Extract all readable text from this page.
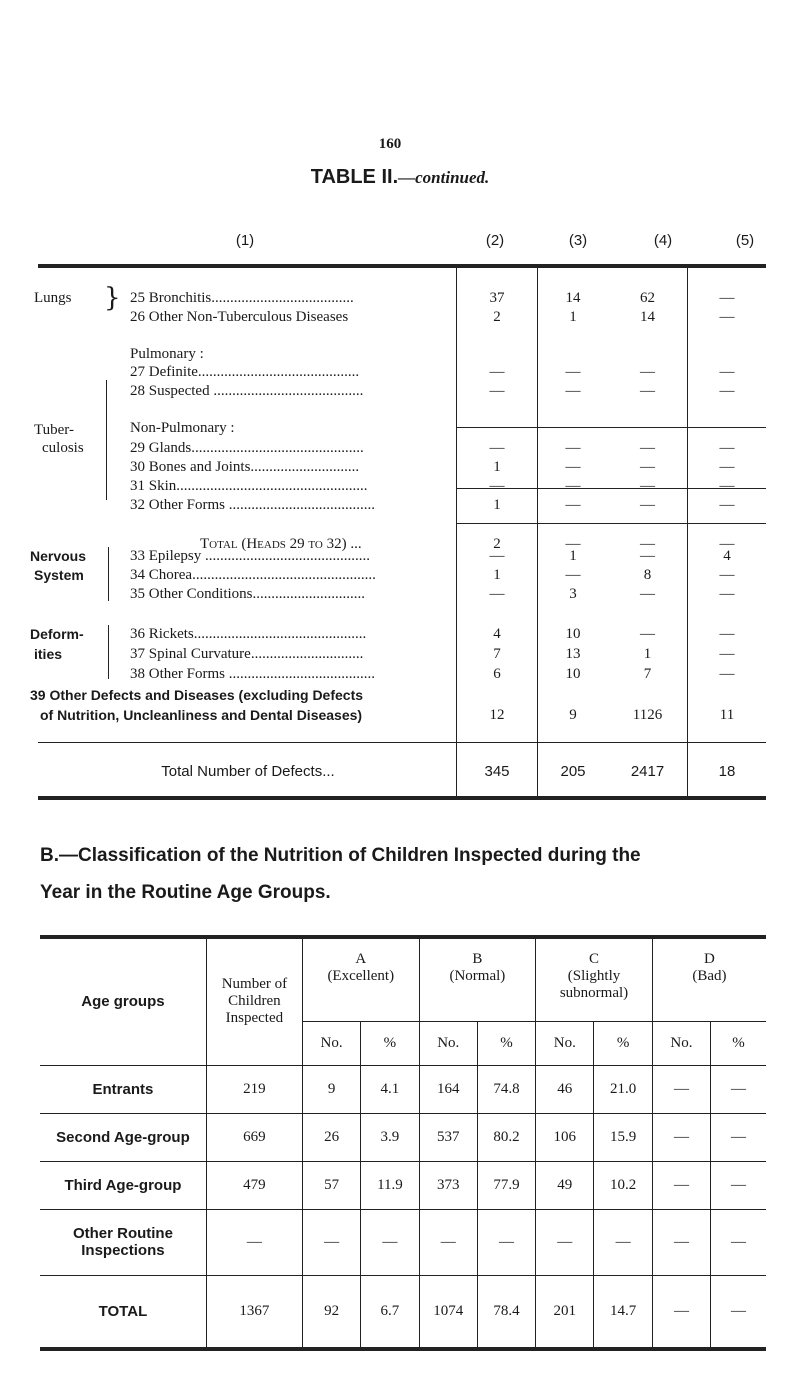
160
TABLE II.—continued.
(1)	(2)	(3)	(4)	(5)
Lungs }
Tuber-
culosis
Nervous
System
Deform-
ities
Pulmonary :
Non-Pulmonary :
25 Bronchitis......................................	37	14	62	—
26 Other Non-Tuberculous Diseases	2	1	14	—
27 Definite...........................................	—	—	—	—
28 Suspected ........................................	—	—	—	—
29 Glands..............................................	—	—	—	—
30 Bones and Joints.............................	1	—	—	—
31 Skin...................................................	—	—	—	—
32 Other Forms .......................................	1	—	—	—
Total (Heads 29 to 32) ...	2	—	—	—
33 Epilepsy ............................................	—	1	—	4
34 Chorea.................................................	1	—	8	—
35 Other Conditions..............................	—	3	—	—
36 Rickets..............................................	4	10	—	—
37 Spinal Curvature..............................	7	13	1	—
38 Other Forms .......................................	6	10	7	—
39 Other Defects and Diseases (excluding Defects
of Nutrition, Uncleanliness and Dental Diseases)	12	9	1126	11
Total Number of Defects...	345	205	2417	18
B.—Classification of the Nutrition of Children Inspected during the
Year in the Routine Age Groups.
Age groups	Number of
Children
Inspected	A
(Excellent)		B
(Normal)		C
(Slightly
subnormal)		D
(Bad)	
		No.	%	No.	%	No.	%	No.	%
Entrants	219	9	4.1	164	74.8	46	21.0	—	—
Second Age-group	669	26	3.9	537	80.2	106	15.9	—	—
Third Age-group	479	57	11.9	373	77.9	49	10.2	—	—
Other Routine
Inspections	—	—	—	—	—	—	—	—	—
TOTAL	1367	92	6.7	1074	78.4	201	14.7	—	—
